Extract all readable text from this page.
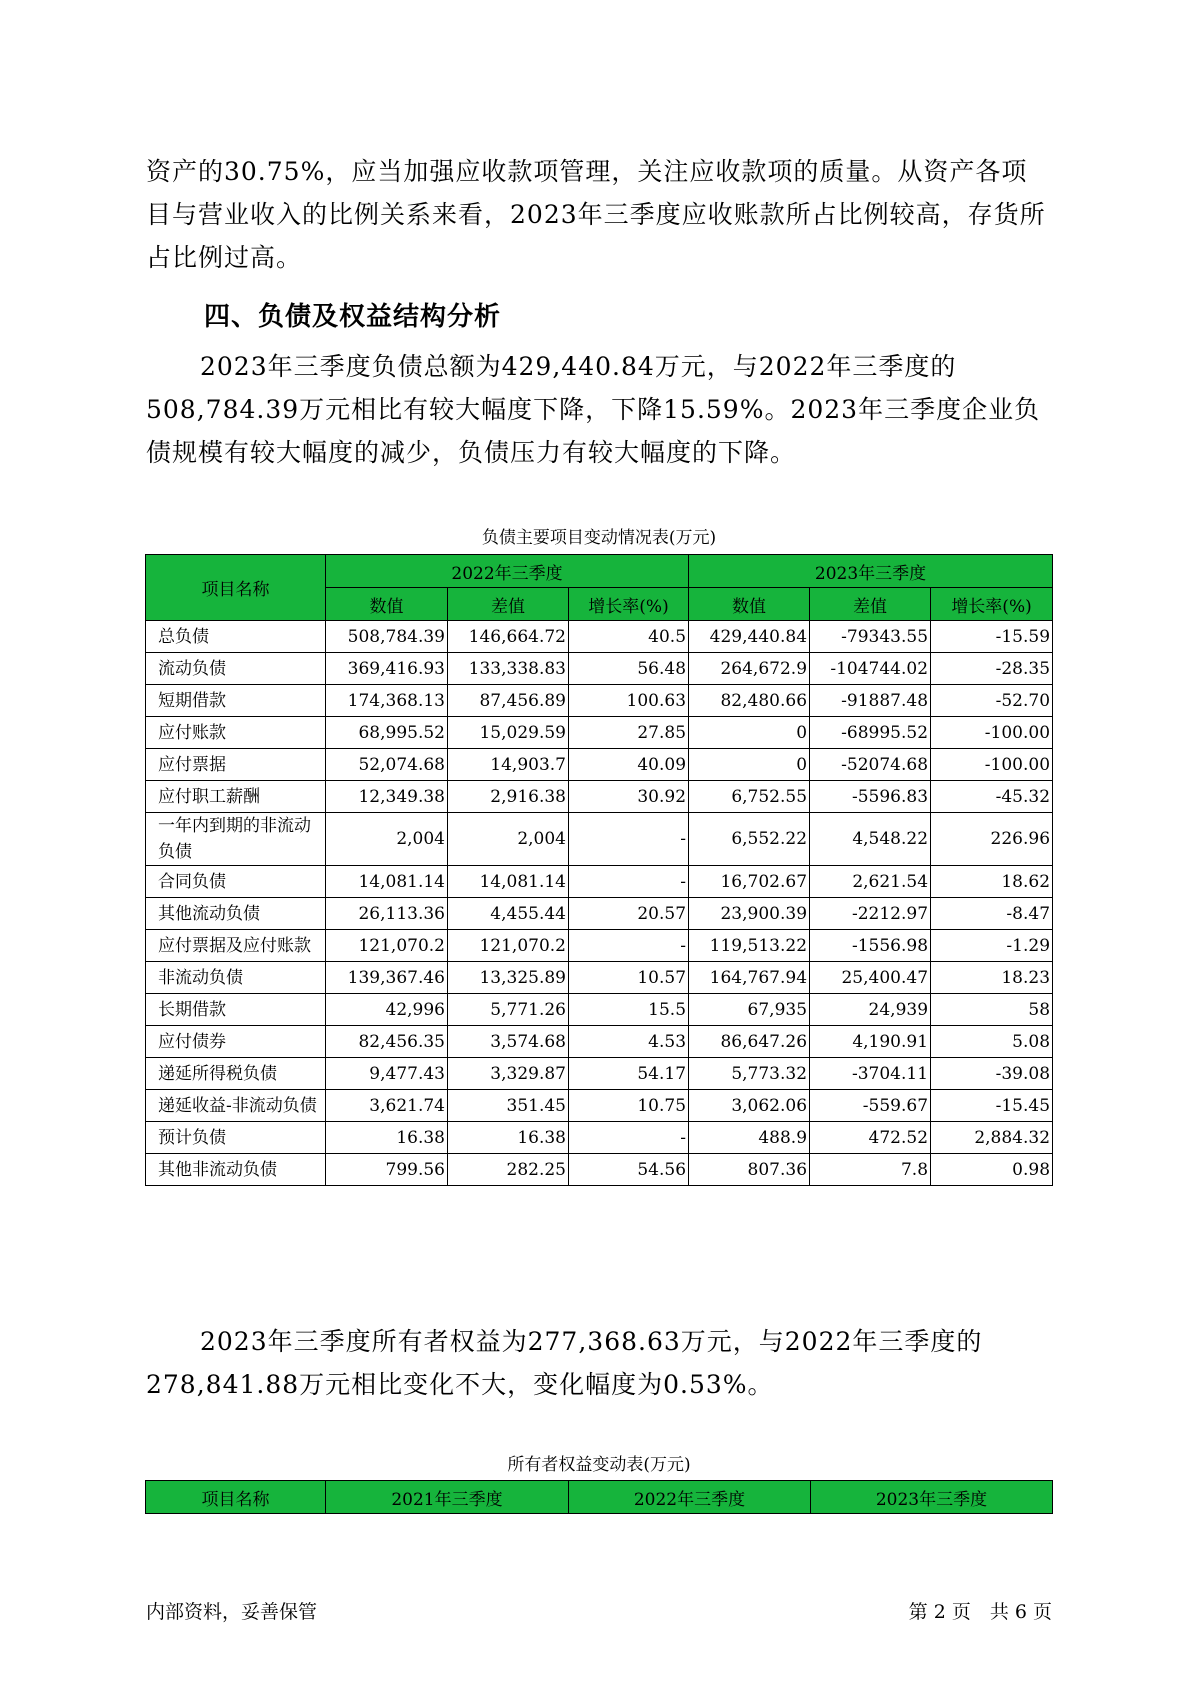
资产的30.75%，应当加强应收款项管理，关注应收款项的质量。从资产各项目与营业收入的比例关系来看，2023年三季度应收账款所占比例较高，存货所占比例过高。

四、负债及权益结构分析

2023年三季度负债总额为429,440.84万元，与2022年三季度的508,784.39万元相比有较大幅度下降，下降15.59%。2023年三季度企业负债规模有较大幅度的减少，负债压力有较大幅度的下降。

负债主要项目变动情况表(万元)

项目名称	2022年三季度			2023年三季度		
	数值	差值	增长率(%)	数值	差值	增长率(%)
总负债	508,784.39	146,664.72	40.5	429,440.84	-79343.55	-15.59
流动负债	369,416.93	133,338.83	56.48	264,672.9	-104744.02	-28.35
短期借款	174,368.13	87,456.89	100.63	82,480.66	-91887.48	-52.70
应付账款	68,995.52	15,029.59	27.85	0	-68995.52	-100.00
应付票据	52,074.68	14,903.7	40.09	0	-52074.68	-100.00
应付职工薪酬	12,349.38	2,916.38	30.92	6,752.55	-5596.83	-45.32
一年内到期的非流动负债	2,004	2,004	-	6,552.22	4,548.22	226.96
合同负债	14,081.14	14,081.14	-	16,702.67	2,621.54	18.62
其他流动负债	26,113.36	4,455.44	20.57	23,900.39	-2212.97	-8.47
应付票据及应付账款	121,070.2	121,070.2	-	119,513.22	-1556.98	-1.29
非流动负债	139,367.46	13,325.89	10.57	164,767.94	25,400.47	18.23
长期借款	42,996	5,771.26	15.5	67,935	24,939	58
应付债券	82,456.35	3,574.68	4.53	86,647.26	4,190.91	5.08
递延所得税负债	9,477.43	3,329.87	54.17	5,773.32	-3704.11	-39.08
递延收益-非流动负债	3,621.74	351.45	10.75	3,062.06	-559.67	-15.45
预计负债	16.38	16.38	-	488.9	472.52	2,884.32
其他非流动负债	799.56	282.25	54.56	807.36	7.8	0.98

2023年三季度所有者权益为277,368.63万元，与2022年三季度的278,841.88万元相比变化不大，变化幅度为0.53%。

所有者权益变动表(万元)

项目名称	2021年三季度	2022年三季度	2023年三季度
内部资料，妥善保管	第 2 页　共 6 页
